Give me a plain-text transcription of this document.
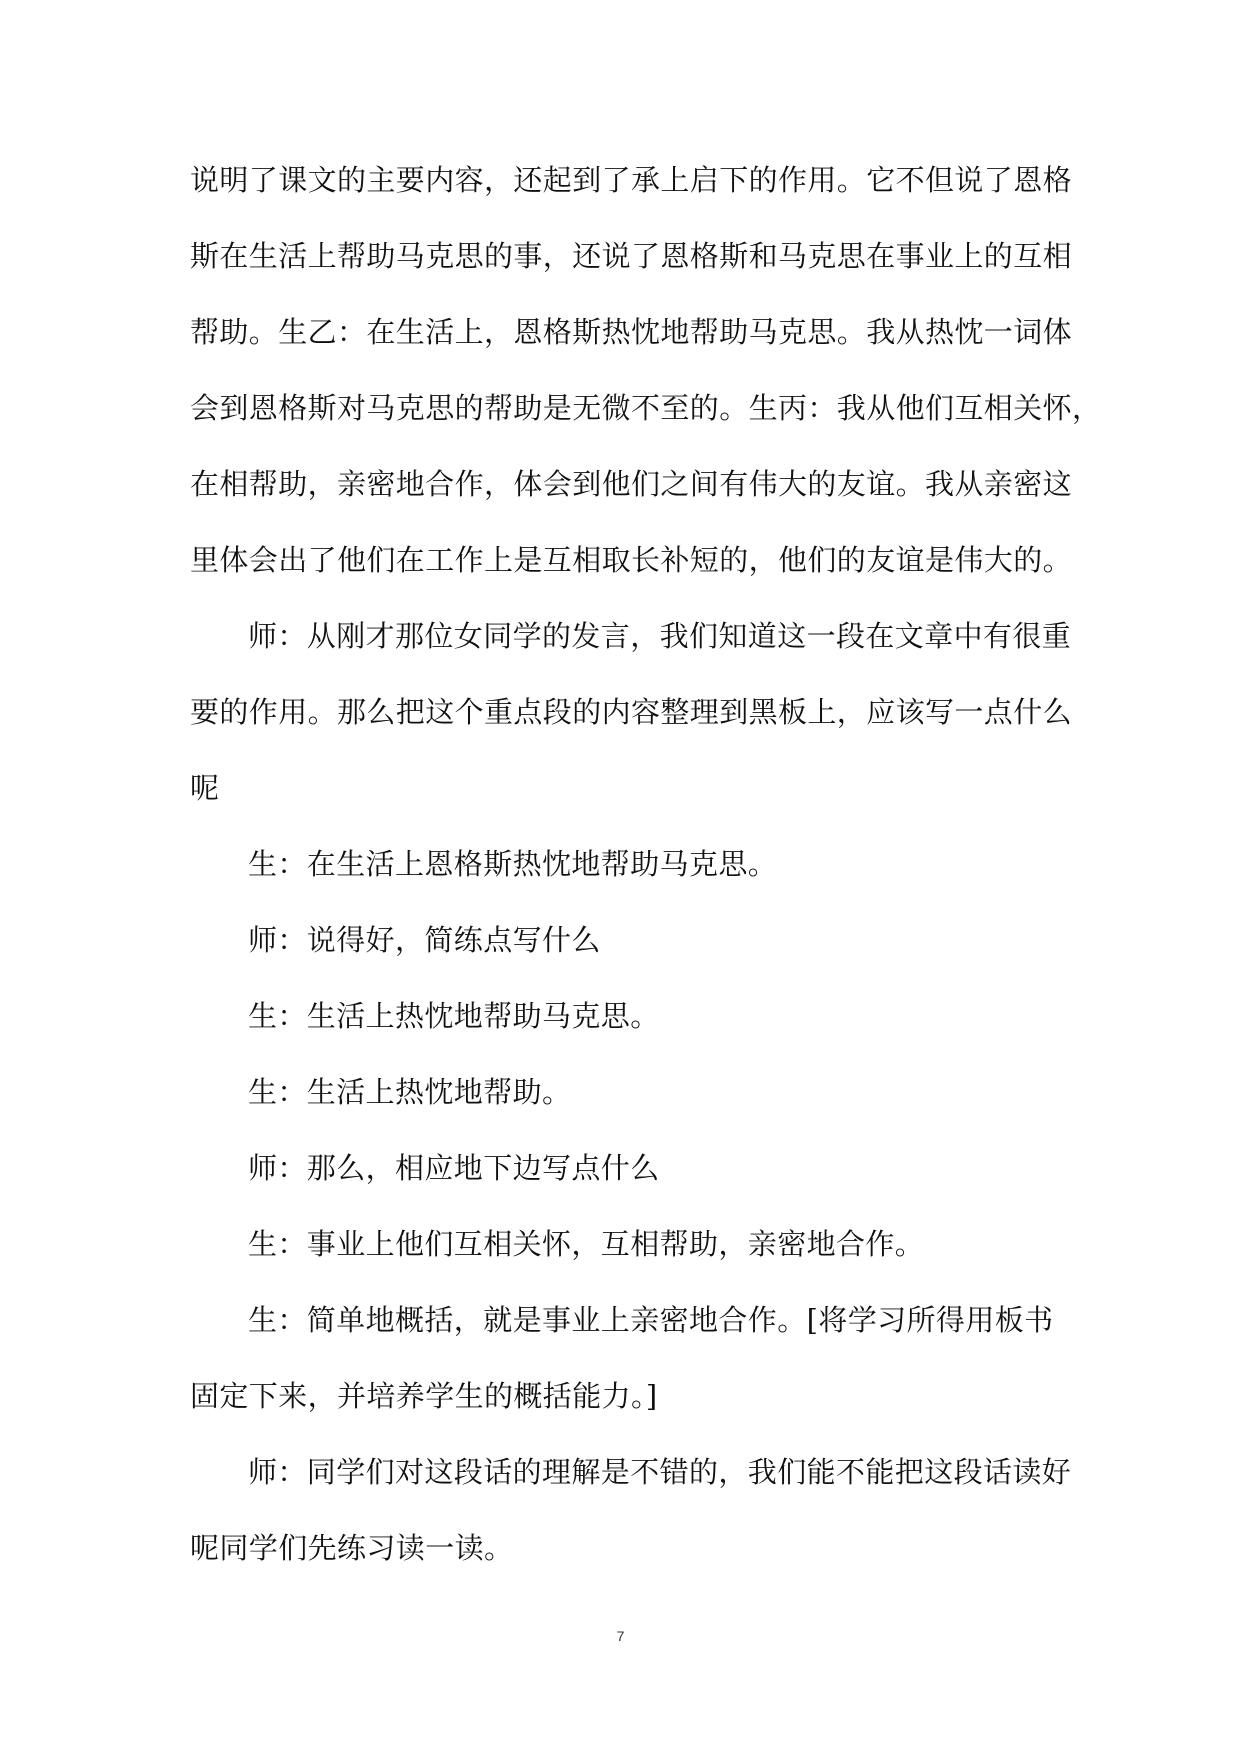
说明了课文的主要内容，还起到了承上启下的作用。它不但说了恩格
斯在生活上帮助马克思的事，还说了恩格斯和马克思在事业上的互相
帮助。生乙：在生活上，恩格斯热忱地帮助马克思。我从热忱一词体
会到恩格斯对马克思的帮助是无微不至的。生丙：我从他们互相关怀，
在相帮助，亲密地合作，体会到他们之间有伟大的友谊。我从亲密这
里体会出了他们在工作上是互相取长补短的，他们的友谊是伟大的。
师：从刚才那位女同学的发言，我们知道这一段在文章中有很重
要的作用。那么把这个重点段的内容整理到黑板上，应该写一点什么
呢
生：在生活上恩格斯热忱地帮助马克思。
师：说得好，简练点写什么
生：生活上热忱地帮助马克思。
生：生活上热忱地帮助。
师：那么，相应地下边写点什么
生：事业上他们互相关怀，互相帮助，亲密地合作。
生：简单地概括，就是事业上亲密地合作。[将学习所得用板书
固定下来，并培养学生的概括能力。]
师：同学们对这段话的理解是不错的，我们能不能把这段话读好
呢同学们先练习读一读。
7
